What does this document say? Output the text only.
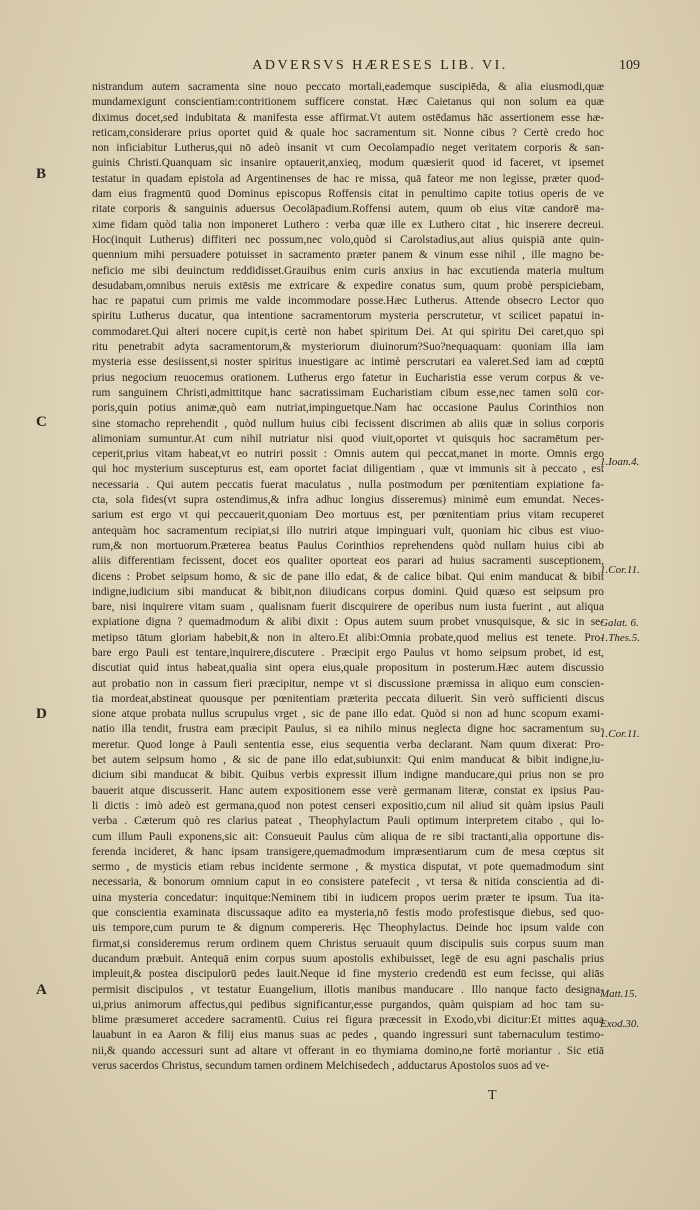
ADVERSVS HÆRESES LIB. VI.	109
B
C
D
A
1.Ioan.4.
1.Cor.11.
Galat. 6.
1.Thes.5.
1.Cor.11.
Matt.15.
Exod.30.
nistrandum autem sacramenta sine nouo peccato mortali,eademque suscipiēda, & alia eiusmodi,quæ
mundamexigunt conscientiam:contritionem sufficere constat. Hæc Caietanus qui non solum ea quæ
diximus docet,sed indubitata & manifesta esse affirmat.Vt autem ostēdamus hāc assertionem esse hæ-
reticam,considerare prius oportet quid & quale hoc sacramentum sit. Nonne cibus ? Certè credo hoc
non inficiabitur Lutherus,qui nō adeò insanit vt cum Oecolampadio neget veritatem corporis & san-
guinis Christi.Quanquam sic insanire optauerit,anxieq, modum quæsierit quod id faceret, vt ipsemet
testatur in quadam epistola ad Argentinenses de hac re missa, quā fateor me non legisse, præter quod-
dam eius fragmentū quod Dominus episcopus Roffensis citat in penultimo capite totius operis de ve
ritate corporis & sanguinis aduersus Oecolāpadium.Roffensi autem, quum ob eius vitæ candorē ma-
xime fidam quòd talia non imponeret Luthero : verba quæ ille ex Luthero citat , hic inserere decreui.
Hoc(inquit Lutherus) diffiteri nec possum,nec volo,quòd si Carolstadius,aut alius quispiā ante quin-
quennium mihi persuadere potuisset in sacramento præter panem & vinum esse nihil , ille magno be-
neficio me sibi deuinctum reddidisset.Grauibus enim curis anxius in hac excutienda materia multum
desudabam,omnibus neruis extēsis me extricare & expedire conatus sum, quum probè perspiciebam,
hac re papatui cum primis me valde incommodare posse.Hæc Lutherus. Attende obsecro Lector quo
spiritu Lutherus ducatur, qua intentione sacramentorum mysteria perscrutetur, vt scilicet papatui in-
commodaret.Qui alteri nocere cupit,is certè non habet spiritum Dei. At qui spiritu Dei caret,quo spi
ritu penetrabit adyta sacramentorum,& mysteriorum diuinorum?Suo?nequaquam: quoniam illa iam
mysteria esse desiissent,si noster spiritus inuestigare ac intimè perscrutari ea valeret.Sed iam ad cœptū
prius negocium reuocemus orationem. Lutherus ergo fatetur in Eucharistia esse verum corpus & ve-
rum sanguinem Christi,admittitque hanc sacratissimam Eucharistiam cibum esse,nec tamen solū cor-
poris,quin potius animæ,quò eam nutriat,impinguetque.Nam hac occasione Paulus Corinthios non
sine stomacho reprehendit , quòd nullum huius cibi fecissent discrimen ab aliis quæ in solius corporis
alimoniam sumuntur.At cum nihil nutriatur nisi quod viuit,oportet vt quisquis hoc sacramētum per-
ceperit,prius vitam habeat,vt eo nutriri possit : Omnis autem qui peccat,manet in morte. Omnis ergo
qui hoc mysterium suscepturus est, eam oportet faciat diligentiam , quæ vt immunis sit à peccato , est
necessaria . Qui autem peccatis fuerat maculatus , nulla postmodum per pœnitentiam expiatione fa-
cta, sola fides(vt supra ostendimus,& infra adhuc longius disseremus) minimè eum emundat. Neces-
sarium est ergo vt qui peccauerit,quoniam Deo mortuus est, per pœnitentiam prius vitam recuperet
antequàm hoc sacramentum recipiat,si illo nutriri atque impinguari vult, quoniam hic cibus est viuo-
rum,& non mortuorum.Præterea beatus Paulus Corinthios reprehendens quòd nullam huius cibi ab
aliis differentiam fecissent, docet eos qualiter oporteat eos parari ad huius sacramenti susceptionem,
dicens : Probet seipsum homo, & sic de pane illo edat, & de calice bibat. Qui enim manducat & bibit
indigne,iudicium sibi manducat & bibit,non diiudicans corpus domini. Quid quæso est seipsum pro
bare, nisi inquirere vitam suam , qualisnam fuerit discquirere de operibus num iusta fuerint , aut aliqua
expiatione digna ? quemadmodum & alibi dixit : Opus autem suum probet vnusquisque, & sic in se-
metipso tātum gloriam habebit,& non in altero.Et alibi:Omnia probate,quod melius est tenete. Pro-
bare ergo Pauli est tentare,inquirere,discutere . Præcipit ergo Paulus vt homo seipsum probet, id est,
discutiat quid intus habeat,qualia sint opera eius,quale propositum in posterum.Hæc autem discussio
aut probatio non in cassum fieri præcipitur, nempe vt si discussione præmissa in aliquo eum conscien-
tia mordeat,abstineat quousque per pœnitentiam præterita peccata diluerit. Sin verò sufficienti discus
sione atque probata nullus scrupulus vrget , sic de pane illo edat. Quòd si non ad hunc scopum exami-
natio illa tendit, frustra eam præcipit Paulus, si ea nihilo minus neglecta digne hoc sacramentum su-
meretur. Quod longe à Pauli sententia esse, eius sequentia verba declarant. Nam quum dixerat: Pro-
bet autem seipsum homo , & sic de pane illo edat,subiunxit: Qui enim manducat & bibit indigne,iu-
dicium sibi manducat & bibit. Quibus verbis expressit illum indigne manducare,qui prius non se pro
bauerit atque discusserit. Hanc autem expositionem esse verè germanam literæ, constat ex ipsius Pau-
li dictis : imò adeò est germana,quod non potest censeri expositio,cum nil aliud sit quàm ipsius Pauli
verba . Cæterum quò res clarius pateat , Theophylactum Pauli optimum interpretem citabo , qui lo-
cum illum Pauli exponens,sic ait: Consueuit Paulus cùm aliqua de re sibi tractanti,alia opportune dis-
ferenda incideret, & hanc ipsam transigere,quemadmodum impræsentiarum cum de mesa cœptus sit
sermo , de mysticis etiam rebus incidente sermone , & mystica disputat, vt pote quemadmodum sint
necessaria, & bonorum omnium caput in eo consistere patefecit , vt tersa & nitida conscientia ad di-
uina mysteria concedatur: inquitque:Neminem tibi in iudicem propos uerim præter te ipsum. Tua ita-
que conscientia examinata discussaque adito ea mysteria,nō festis modo profestisque diebus, sed quo-
uis tempore,cum purum te & dignum compereris. Hęc Theophylactus. Deinde hoc ipsum valde con
firmat,si consideremus rerum ordinem quem Christus seruauit quum discipulis suis corpus suum man
ducandum præbuit. Antequā enim corpus suum apostolis exhibuisset, legē de esu agni paschalis prius
impleuit,& postea discipulorū pedes lauit.Neque id fine mysterio credendū est eum fecisse, qui aliās
permisit discipulos , vt testatur Euangelium, illotis manibus manducare . Illo nanque facto designa-
ui,prius animorum affectus,qui pedibus significantur,esse purgandos, quàm quispiam ad hoc tam su-
blime præsumeret accedere sacramentū. Cuius rei figura præcessit in Exodo,vbi dicitur:Et mittes aqua
lauabunt in ea Aaron & filij eius manus suas ac pedes , quando ingressuri sunt tabernaculum testimo-
nii,& quando accessuri sunt ad altare vt offerant in eo thymiama domino,ne fortè moriantur . Sic etiā
verus sacerdos Christus, secundum tamen ordinem Melchisedech , adductarus Apostolos suos ad ve-
T
